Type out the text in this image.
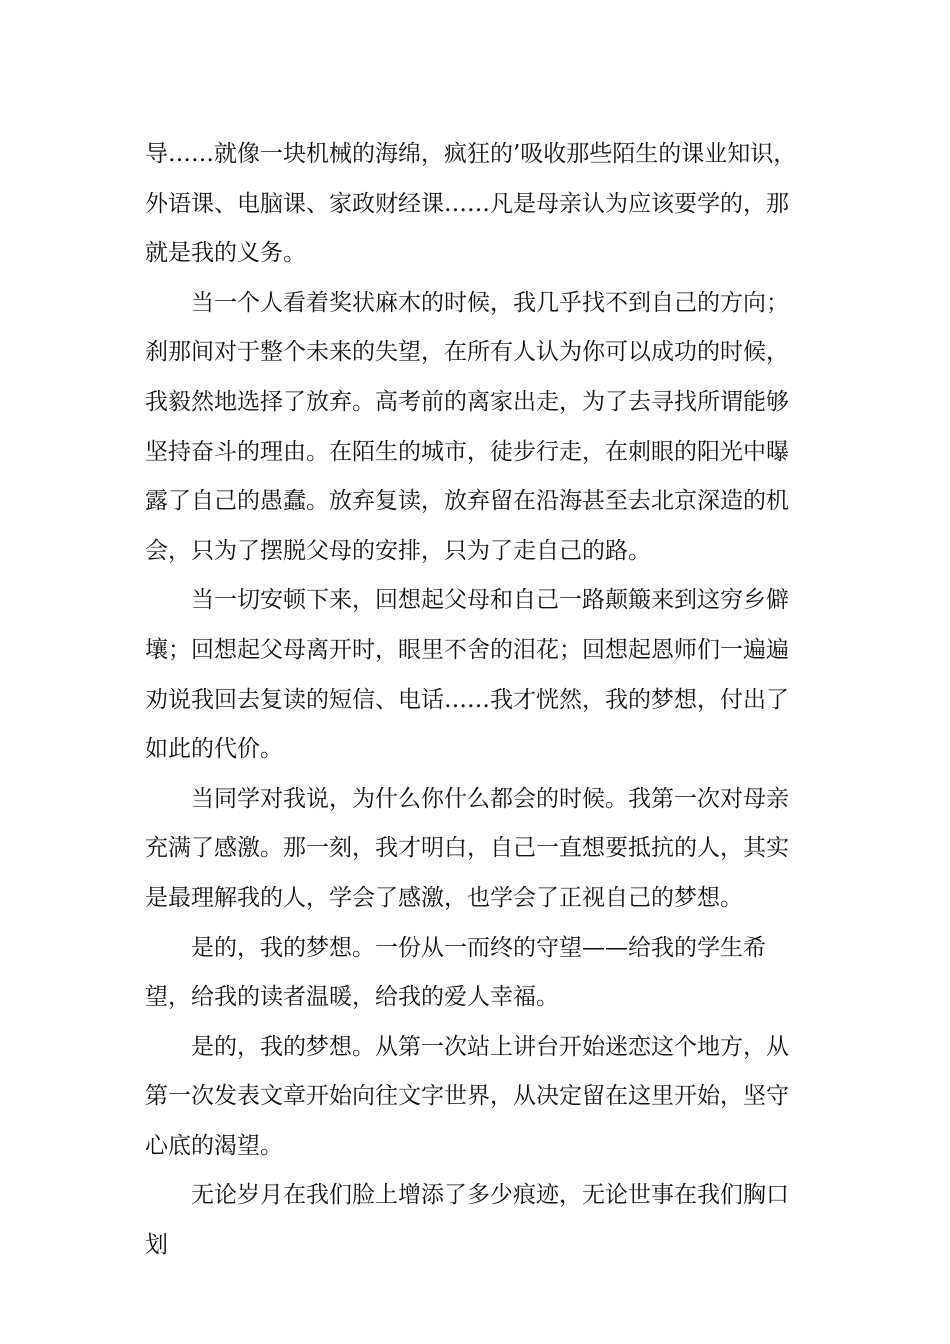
导……就像一块机械的海绵，疯狂的’吸收那些陌生的课业知识，外语课、电脑课、家政财经课……凡是母亲认为应该要学的，那就是我的义务。

当一个人看着奖状麻木的时候，我几乎找不到自己的方向；刹那间对于整个未来的失望，在所有人认为你可以成功的时候，我毅然地选择了放弃。高考前的离家出走，为了去寻找所谓能够坚持奋斗的理由。在陌生的城市，徒步行走，在刺眼的阳光中曝露了自己的愚蠢。放弃复读，放弃留在沿海甚至去北京深造的机会，只为了摆脱父母的安排，只为了走自己的路。

当一切安顿下来，回想起父母和自己一路颠簸来到这穷乡僻壤；回想起父母离开时，眼里不舍的泪花；回想起恩师们一遍遍劝说我回去复读的短信、电话……我才恍然，我的梦想，付出了如此的代价。

当同学对我说，为什么你什么都会的时候。我第一次对母亲充满了感激。那一刻，我才明白，自己一直想要抵抗的人，其实是最理解我的人，学会了感激，也学会了正视自己的梦想。

是的，我的梦想。一份从一而终的守望——给我的学生希望，给我的读者温暖，给我的爱人幸福。

是的，我的梦想。从第一次站上讲台开始迷恋这个地方，从第一次发表文章开始向往文字世界，从决定留在这里开始，坚守心底的渴望。

无论岁月在我们脸上增添了多少痕迹，无论世事在我们胸口划
